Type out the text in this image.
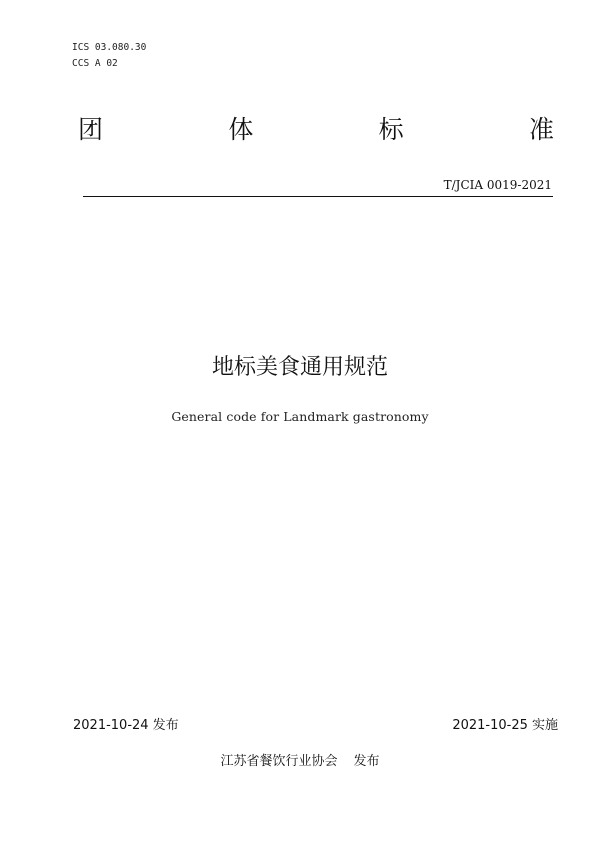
ICS 03.080.30
CCS A 02
团	体	标	准
T/JCIA 0019-2021
地标美食通用规范
General code for Landmark gastronomy
2021-10-24 发布	2021-10-25 实施
江苏省餐饮行业协会 发布
